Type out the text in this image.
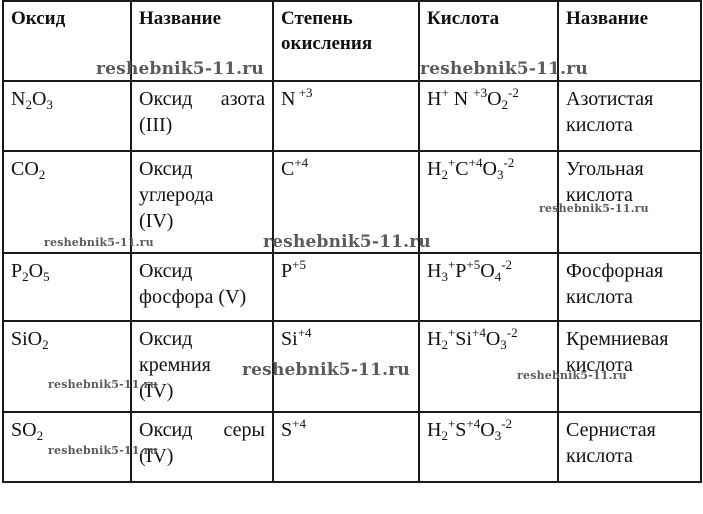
Оксид	Название	Степень окисления	Кислота	Название
$N_2O_3$	Оксид азота (III)	N $^{+3}$	H+ N $^{+3}O_2^{-2}$	Азотистая кислота
$CO_2$	Оксид углерода (IV)	$C^{+4}$	$H_2^+C^{+4}O_3^{-2}$	Угольная кислота
$P_2O_5$	Оксид фосфора (V)	$P^{+5}$	$H_3^+P^{+5}O_4^{-2}$	Фосфорная кислота
SiO$_2$	Оксид кремния (IV)	$Si^{+4}$	$H_2^+Si^{+4}O_3^{-2}$	Кремниевая кислота
$SO_2$	Оксид серы (IV)	$S^{+4}$	$H_2^+S^{+4}O_3^{-2}$	Сернистая кислота
reshebnik5-11.ru	reshebnik5-11.ru
reshebnik5-11.ru
reshebnik5-11.ru	reshebnik5-11.ru
reshebnik5-11.ru	reshebnik5-11.ru
reshebnik5-11.ru
reshebnik5-11.ru
